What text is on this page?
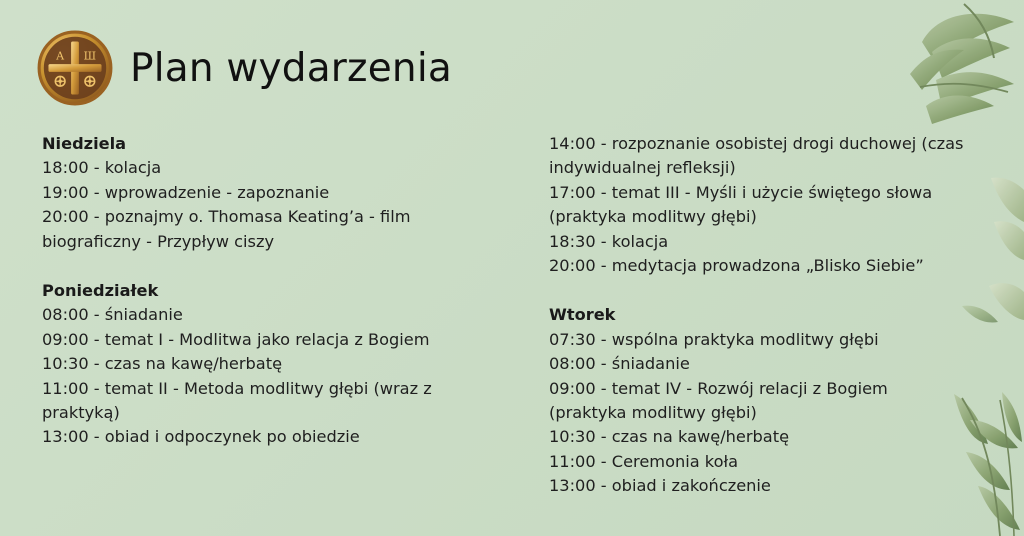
А Ш Plan wydarzenia
Niedziela
18:00 - kolacja
19:00 - wprowadzenie - zapoznanie
20:00 - poznajmy o. Thomasa Keating’a - film biograficzny - Przypływ ciszy
Poniedziałek
08:00 - śniadanie
09:00 - temat I - Modlitwa jako relacja z Bogiem
10:30 - czas na kawę/herbatę
11:00 - temat II - Metoda modlitwy głębi (wraz z praktyką)
13:00 - obiad i odpoczynek po obiedzie
14:00 - rozpoznanie osobistej drogi duchowej (czas indywidualnej refleksji)
17:00 - temat III - Myśli i użycie świętego słowa (praktyka modlitwy głębi)
18:30 - kolacja
20:00 - medytacja prowadzona „Blisko Siebie”
Wtorek
07:30 - wspólna praktyka modlitwy głębi
08:00 - śniadanie
09:00 - temat IV - Rozwój relacji z Bogiem (praktyka modlitwy głębi)
10:30 - czas na kawę/herbatę
11:00 - Ceremonia koła
13:00 - obiad i zakończenie
